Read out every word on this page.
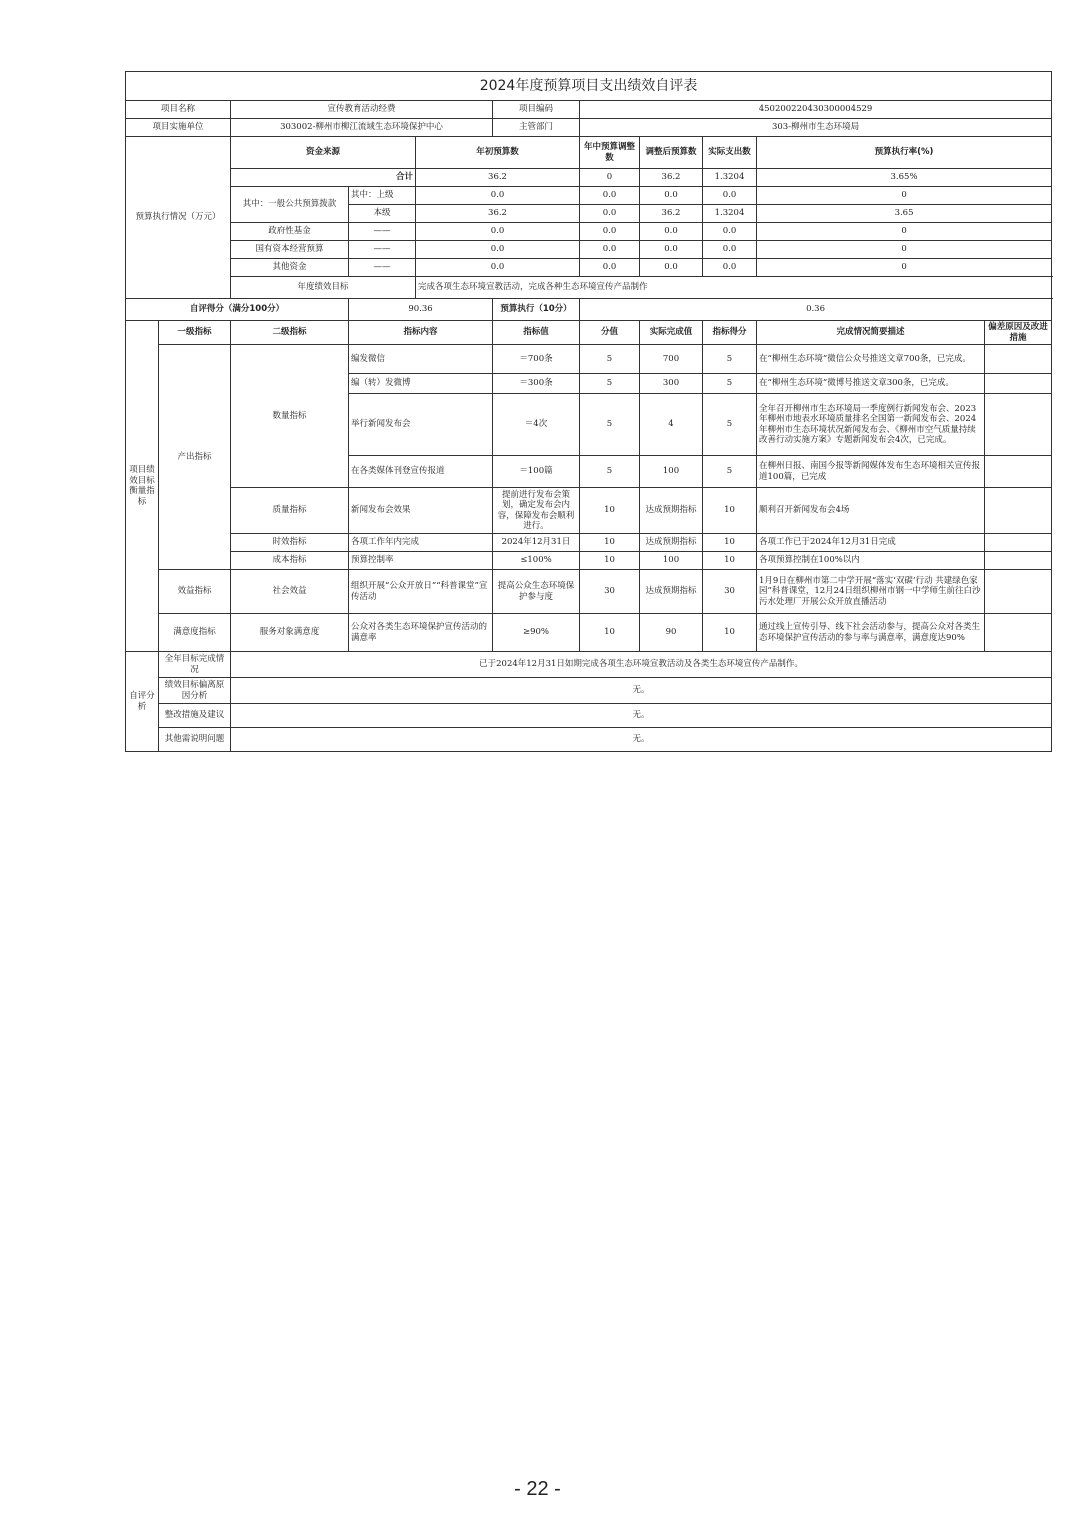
2024年度预算项目支出绩效自评表										
项目名称		宣传教育活动经费			项目编码	450200220430300004529				
项目实施单位		303002-柳州市柳江流域生态环境保护中心			主管部门	303-柳州市生态环境局				
预算执行情况（万元）		资金来源		年初预算数		年中预算调整数	调整后预算数	实际支出数	预算执行率(%)	
		合计		36.2		0	36.2	1.3204	3.65%	
		其中：一般公共预算拨款	其中：上级	0.0		0.0	0.0	0.0	0	
			本级	36.2		0.0	36.2	1.3204	3.65	
		政府性基金	——	0.0		0.0	0.0	0.0	0	
		国有资本经营预算	——	0.0		0.0	0.0	0.0	0	
		其他资金	——	0.0		0.0	0.0	0.0	0	
		年度绩效目标		完成各项生态环境宣教活动，完成各种生态环境宣传产品制作						
自评得分（满分100分）			90.36		预算执行（10分）	0.36				
项目绩效目标衡量指标	一级指标	二级指标	指标内容		指标值	分值	实际完成值	指标得分	完成情况简要描述	偏差原因及改进措施
	产出指标	数量指标	编发微信		＝700条	5	700	5	在“柳州生态环境”微信公众号推送文章700条，已完成。	
			编（转）发微博		＝300条	5	300	5	在“柳州生态环境”微博号推送文章300条，已完成。	
			举行新闻发布会		＝4次	5	4	5	全年召开柳州市生态环境局一季度例行新闻发布会、2023年柳州市地表水环境质量排名全国第一新闻发布会、2024年柳州市生态环境状况新闻发布会、《柳州市空气质量持续改善行动实施方案》专题新闻发布会4次，已完成。	
			在各类媒体刊登宣传报道		＝100篇	5	100	5	在柳州日报、南国今报等新闻媒体发布生态环境相关宣传报道100篇，已完成	
		质量指标	新闻发布会效果		提前进行发布会策划，确定发布会内容，保障发布会顺利进行。	10	达成预期指标	10	顺利召开新闻发布会4场	
		时效指标	各项工作年内完成		2024年12月31日	10	达成预期指标	10	各项工作已于2024年12月31日完成	
		成本指标	预算控制率		≤100%	10	100	10	各项预算控制在100%以内	
	效益指标	社会效益	组织开展“公众开放日”“科普课堂”宣传活动		提高公众生态环境保护参与度	30	达成预期指标	30	1月9日在柳州市第二中学开展“落实‘双碳’行动 共建绿色家园”科普课堂，12月24日组织柳州市钢一中学师生前往白沙污水处理厂开展公众开放直播活动	
	满意度指标	服务对象满意度	公众对各类生态环境保护宣传活动的满意率		≥90%	10	90	10	通过线上宣传引导、线下社会活动参与，提高公众对各类生态环境保护宣传活动的参与率与满意率，满意度达90%	
自评分析	全年目标完成情况	已于2024年12月31日如期完成各项生态环境宣教活动及各类生态环境宣传产品制作。								
	绩效目标偏离原因分析	无。								
	整改措施及建议	无。								
	其他需说明问题	无。								
- 22 -
